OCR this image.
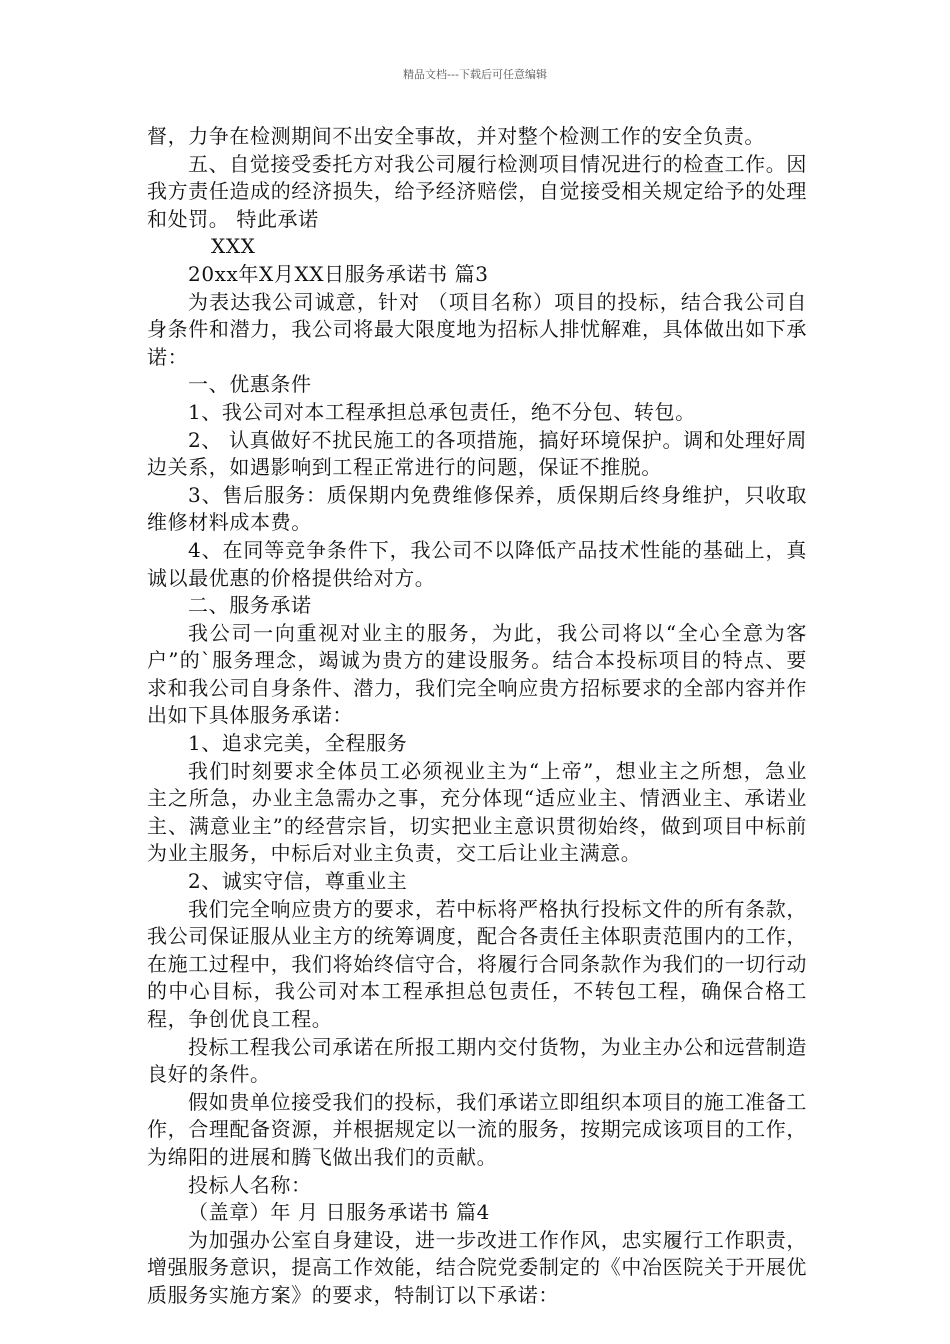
精品文档---下载后可任意编辑

督，力争在检测期间不出安全事故，并对整个检测工作的安全负责。

五、自觉接受委托方对我公司履行检测项目情况进行的检查工作。因我方责任造成的经济损失，给予经济赔偿，自觉接受相关规定给予的处理和处罚。 特此承诺

XXX

20xx年X月XX日服务承诺书 篇3

为表达我公司诚意，针对 （项目名称）项目的投标，结合我公司自身条件和潜力，我公司将最大限度地为招标人排忧解难，具体做出如下承诺：

一、优惠条件

1、我公司对本工程承担总承包责任，绝不分包、转包。

2、 认真做好不扰民施工的各项措施，搞好环境保护。调和处理好周边关系，如遇影响到工程正常进行的问题，保证不推脱。

3、售后服务：质保期内免费维修保养，质保期后终身维护，只收取维修材料成本费。

4、在同等竞争条件下，我公司不以降低产品技术性能的基础上，真诚以最优惠的价格提供给对方。

二、服务承诺

我公司一向重视对业主的服务，为此，我公司将以“全心全意为客户”的`服务理念，竭诚为贵方的建设服务。结合本投标项目的特点、要求和我公司自身条件、潜力，我们完全响应贵方招标要求的全部内容并作出如下具体服务承诺：

1、追求完美，全程服务

我们时刻要求全体员工必须视业主为“上帝”，想业主之所想，急业主之所急，办业主急需办之事，充分体现“适应业主、情洒业主、承诺业主、满意业主”的经营宗旨，切实把业主意识贯彻始终，做到项目中标前为业主服务，中标后对业主负责，交工后让业主满意。

2、诚实守信，尊重业主

我们完全响应贵方的要求，若中标将严格执行投标文件的所有条款，我公司保证服从业主方的统筹调度，配合各责任主体职责范围内的工作，在施工过程中，我们将始终信守合，将履行合同条款作为我们的一切行动的中心目标，我公司对本工程承担总包责任，不转包工程，确保合格工程，争创优良工程。

投标工程我公司承诺在所报工期内交付货物，为业主办公和远营制造良好的条件。

假如贵单位接受我们的投标，我们承诺立即组织本项目的施工准备工作，合理配备资源，并根据规定以一流的服务，按期完成该项目的工作，为绵阳的进展和腾飞做出我们的贡献。

投标人名称：

（盖章）年 月 日服务承诺书 篇4

为加强办公室自身建设，进一步改进工作作风，忠实履行工作职责，增强服务意识，提高工作效能，结合院党委制定的《中冶医院关于开展优质服务实施方案》的要求，特制订以下承诺：
